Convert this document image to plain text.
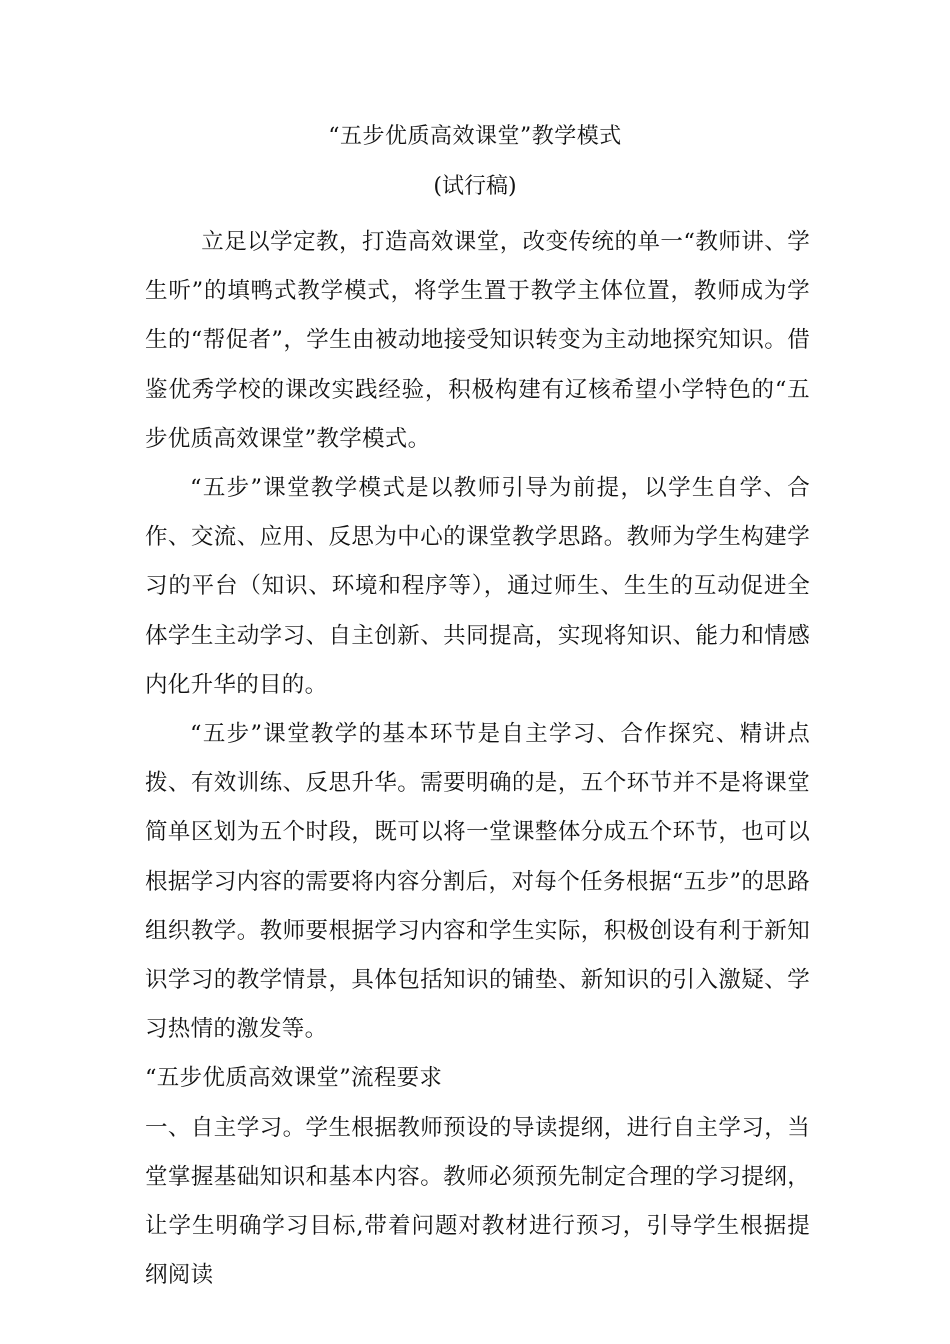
“五步优质高效课堂”教学模式
(试行稿)

立足以学定教，打造高效课堂，改变传统的单一“教师讲、学生听”的填鸭式教学模式，将学生置于教学主体位置，教师成为学生的“帮促者”，学生由被动地接受知识转变为主动地探究知识。借鉴优秀学校的课改实践经验，积极构建有辽核希望小学特色的“五步优质高效课堂”教学模式。

“五步”课堂教学模式是以教师引导为前提，以学生自学、合作、交流、应用、反思为中心的课堂教学思路。教师为学生构建学习的平台（知识、环境和程序等），通过师生、生生的互动促进全体学生主动学习、自主创新、共同提高，实现将知识、能力和情感内化升华的目的。

“五步”课堂教学的基本环节是自主学习、合作探究、精讲点拨、有效训练、反思升华。需要明确的是，五个环节并不是将课堂简单区划为五个时段，既可以将一堂课整体分成五个环节，也可以根据学习内容的需要将内容分割后，对每个任务根据“五步”的思路组织教学。教师要根据学习内容和学生实际，积极创设有利于新知识学习的教学情景，具体包括知识的铺垫、新知识的引入激疑、学习热情的激发等。

“五步优质高效课堂”流程要求

一、自主学习。学生根据教师预设的导读提纲，进行自主学习，当堂掌握基础知识和基本内容。教师必须预先制定合理的学习提纲，让学生明确学习目标,带着问题对教材进行预习，引导学生根据提纲阅读
